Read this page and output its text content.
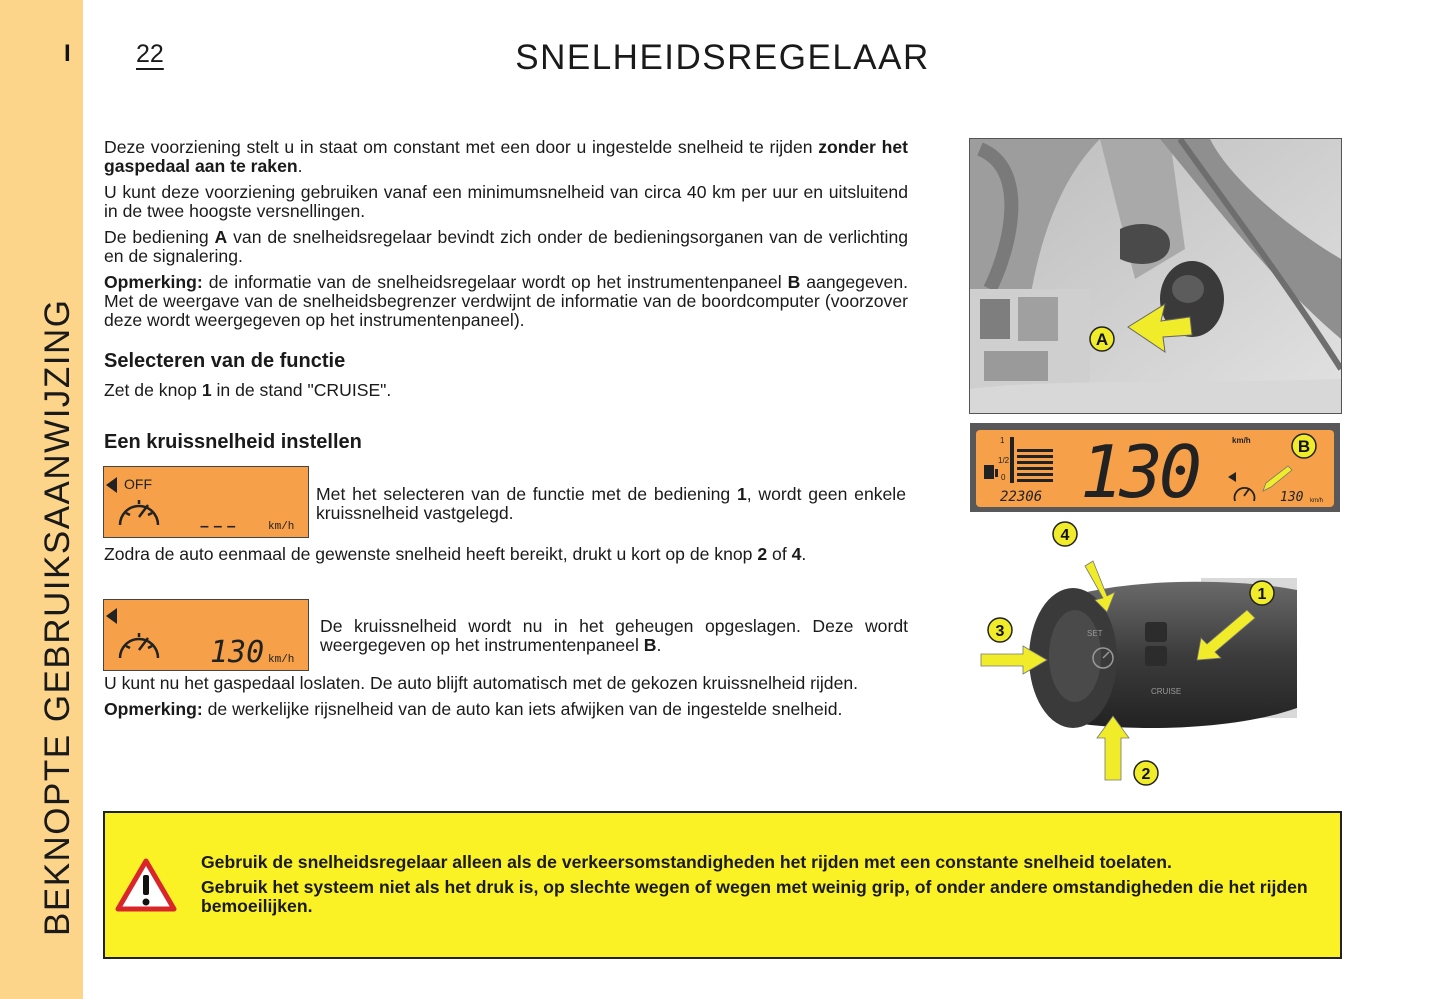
I
BEKNOPTE GEBRUIKSAANWIJZING
22	SNELHEIDSREGELAAR

Deze voorziening stelt u in staat om constant met een door u ingestelde snelheid te rijden zonder het gaspedaal aan te raken.

U kunt deze voorziening gebruiken vanaf een minimumsnelheid van circa 40 km per uur en uitsluitend in de twee hoogste versnellingen.

De bediening A van de snelheidsregelaar bevindt zich onder de bedieningsorganen van de verlichting en de signalering.

Opmerking: de informatie van de snelheidsregelaar wordt op het instrumentenpaneel B aangegeven. Met de weergave van de snelheidsbegrenzer verdwijnt de informatie van de boordcomputer (voorzover deze wordt weergegeven op het instrumentenpaneel).

Selecteren van de functie

Zet de knop 1 in de stand "CRUISE".

Een kruissnelheid instellen
OFF
– – –	km/h
Met het selecteren van de functie met de bediening 1, wordt geen enkele kruissnelheid vastgelegd.

Zodra de auto eenmaal de gewenste snelheid heeft bereikt, drukt u kort op de knop 2 of 4.

130 km/h
De kruissnelheid wordt nu in het geheugen opgeslagen. Deze wordt weergegeven op het instrumentenpaneel B.

U kunt nu het gaspedaal loslaten. De auto blijft automatisch met de gekozen kruissnelheid rijden.

Opmerking: de werkelijke rijsnelheid van de auto kan iets afwijken van de ingestelde snelheid.

A
1
1/2
0 130	km/h
22306	130 km/h
B
SET
CRUISE
4
1
3
2

Gebruik de snelheidsregelaar alleen als de verkeersomstandigheden het rijden met een constante snelheid toelaten.

Gebruik het systeem niet als het druk is, op slechte wegen of wegen met weinig grip, of onder andere omstandigheden die het rijden bemoeilijken.
